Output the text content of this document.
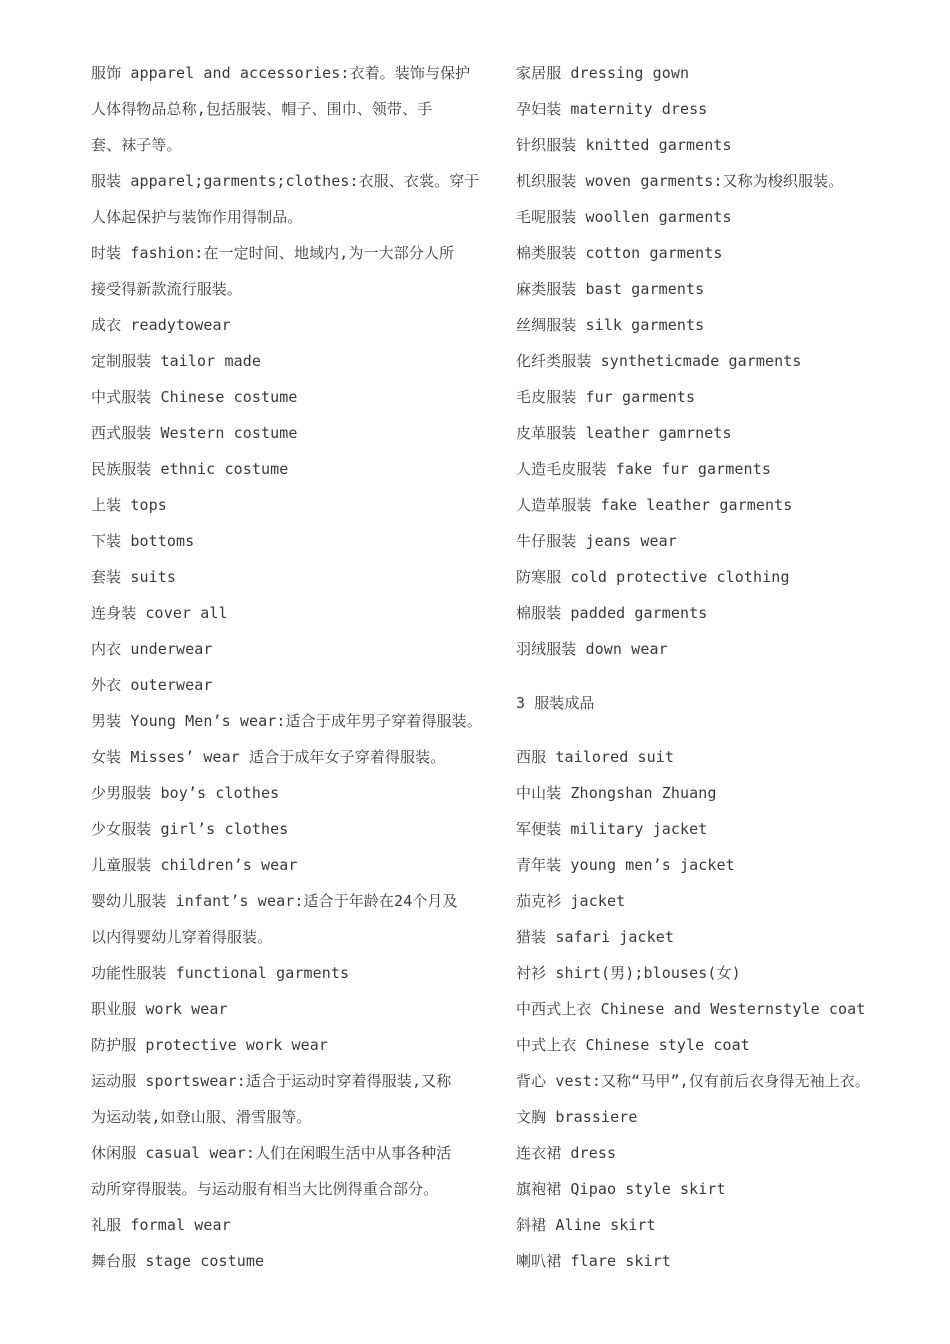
服饰 apparel and accessories:衣着。装饰与保护
人体得物品总称,包括服装、帽子、围巾、领带、手
套、袜子等。
服装 apparel;garments;clothes:衣服、衣裳。穿于
人体起保护与装饰作用得制品。
时装 fashion:在一定时间、地域内,为一大部分人所
接受得新款流行服装。
成衣 readytowear
定制服装 tailor made
中式服装 Chinese costume
西式服装 Western costume
民族服装 ethnic costume
上装 tops
下装 bottoms
套装 suits
连身装 cover all
内衣 underwear
外衣 outerwear
男装 Young Men’s wear:适合于成年男子穿着得服装。
女装 Misses’ wear 适合于成年女子穿着得服装。
少男服装 boy’s clothes
少女服装 girl’s clothes
儿童服装 children’s wear
婴幼儿服装 infant’s wear:适合于年龄在24个月及
以内得婴幼儿穿着得服装。
功能性服装 functional garments
职业服 work wear
防护服 protective work wear
运动服 sportswear:适合于运动时穿着得服装,又称
为运动装,如登山服、滑雪服等。
休闲服 casual wear:人们在闲暇生活中从事各种活
动所穿得服装。与运动服有相当大比例得重合部分。
礼服 formal wear
舞台服 stage costume
家居服 dressing gown
孕妇装 maternity dress
针织服装 knitted garments
机织服装 woven garments:又称为梭织服装。
毛呢服装 woollen garments
棉类服装 cotton garments
麻类服装 bast garments
丝绸服装 silk garments
化纤类服装 syntheticmade garments
毛皮服装 fur garments
皮革服装 leather gamrnets
人造毛皮服装 fake fur garments
人造革服装 fake leather garments
牛仔服装 jeans wear
防寒服 cold protective clothing
棉服装 padded garments
羽绒服装 down wear
3 服装成品
西服 tailored suit
中山装 Zhongshan Zhuang
军便装 military jacket
青年装 young men’s jacket
茄克衫 jacket
猎装 safari jacket
衬衫 shirt(男);blouses(女)
中西式上衣 Chinese and Westernstyle coat
中式上衣 Chinese style coat
背心 vest:又称“马甲”,仅有前后衣身得无袖上衣。
文胸 brassiere
连衣裙 dress
旗袍裙 Qipao style skirt
斜裙 Aline skirt
喇叭裙 flare skirt
